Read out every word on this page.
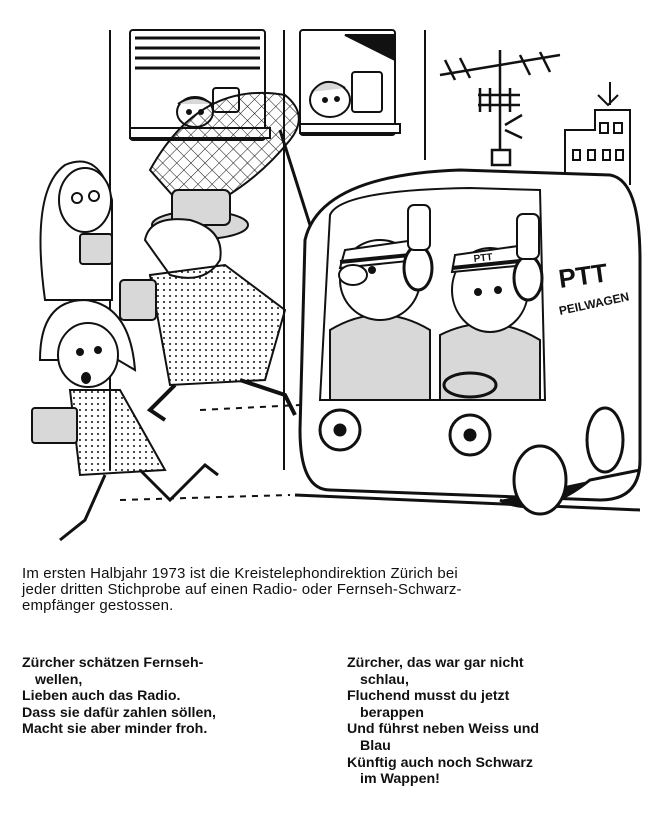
PTT
PEILWAGEN
PTT
Im ersten Halbjahr 1973 ist die Kreistelephondirektion Zürich bei
jeder dritten Stichprobe auf einen Radio- oder Fernseh-Schwarz-
empfänger gestossen.
Zürcher schätzen Fernseh-
wellen,
Lieben auch das Radio.
Dass sie dafür zahlen söllen,
Macht sie aber minder froh.
Zürcher, das war gar nicht
schlau,
Fluchend musst du jetzt
berappen
Und führst neben Weiss und
Blau
Künftig auch noch Schwarz
im Wappen!
